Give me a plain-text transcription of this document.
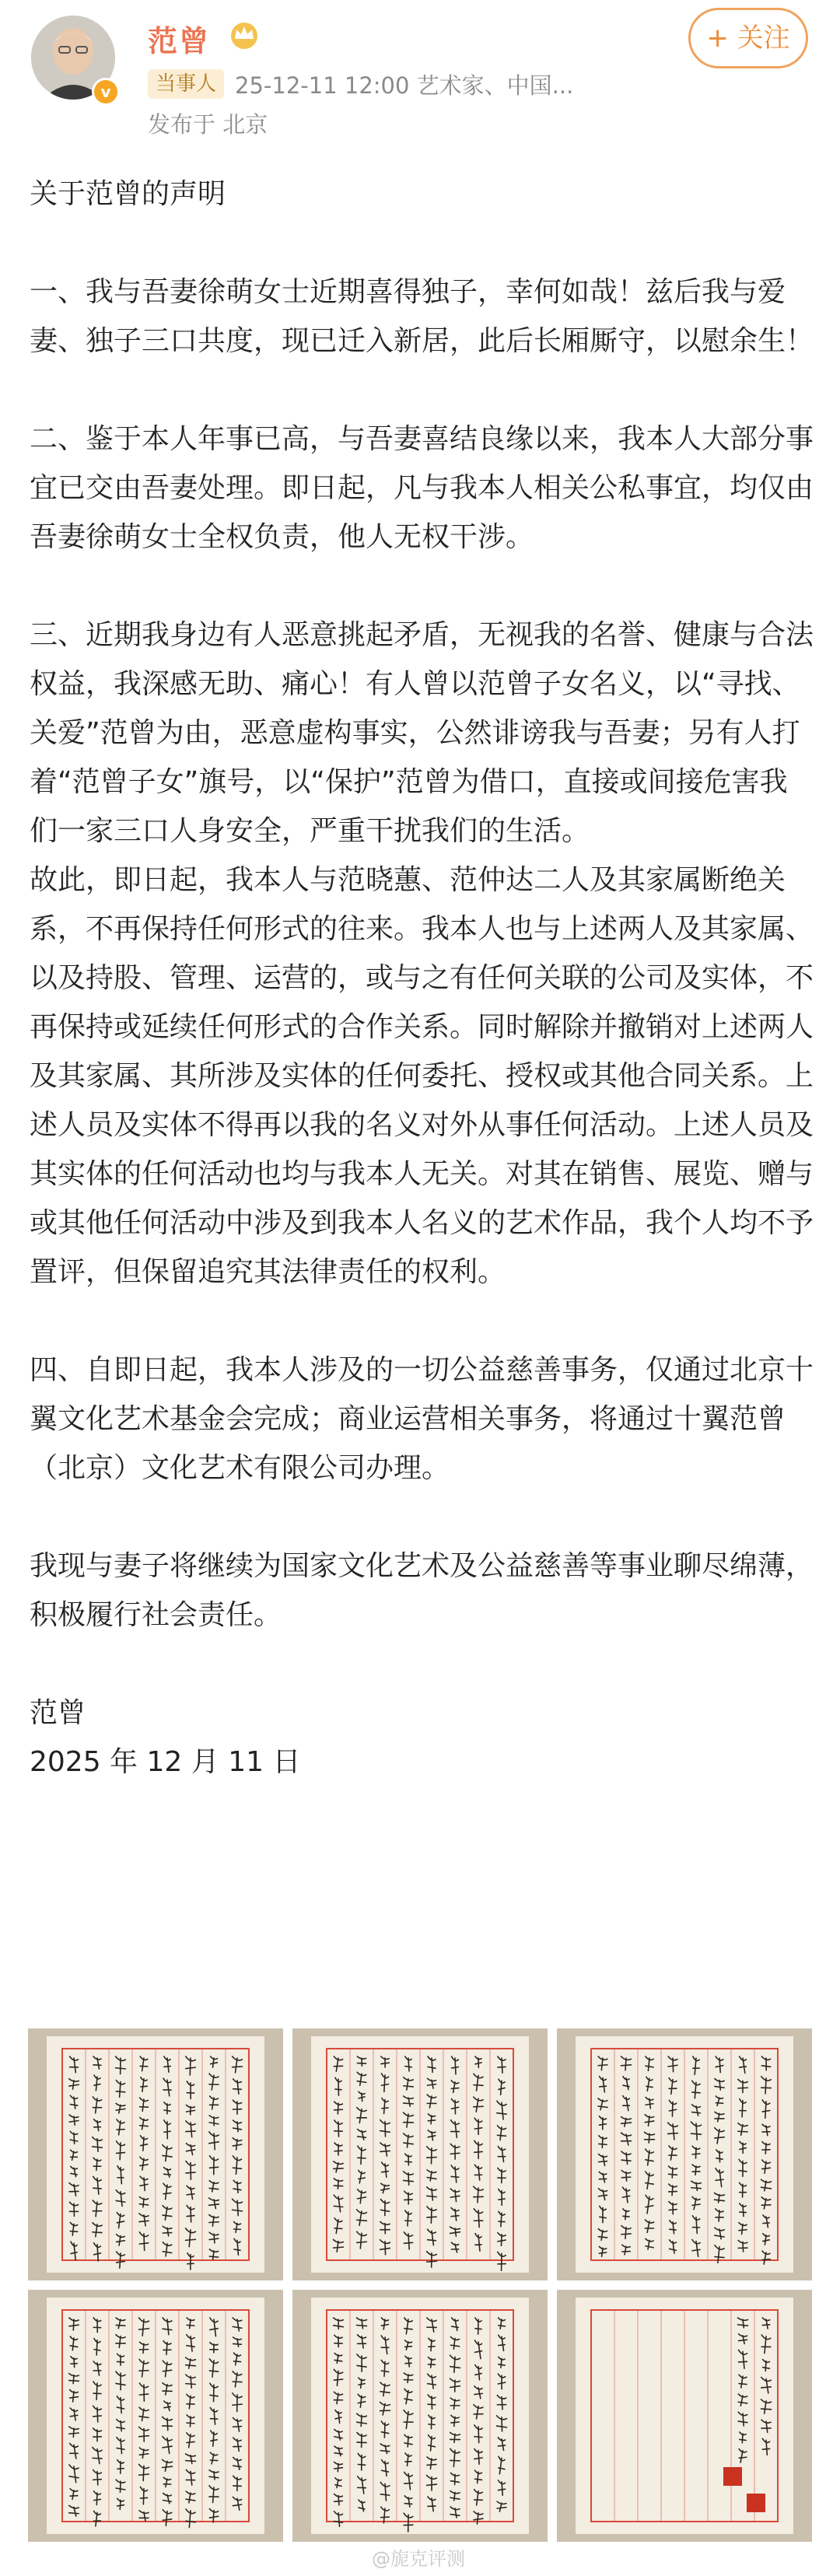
v
范曾
当事人 25-12-11 12:00 艺术家、中国...
发布于 北京
+ 关注

关于范曾的声明

一、我与吾妻徐萌女士近期喜得独子，幸何如哉！兹后我与爱妻、独子三口共度，现已迁入新居，此后长厢厮守，以慰余生！

二、鉴于本人年事已高，与吾妻喜结良缘以来，我本人大部分事宜已交由吾妻处理。即日起，凡与我本人相关公私事宜，均仅由吾妻徐萌女士全权负责，他人无权干涉。

三、近期我身边有人恶意挑起矛盾，无视我的名誉、健康与合法权益，我深感无助、痛心！有人曾以范曾子女名义，以“寻找、关爱”范曾为由，恶意虚构事实，公然诽谤我与吾妻；另有人打着“范曾子女”旗号，以“保护”范曾为借口，直接或间接危害我们一家三口人身安全，严重干扰我们的生活。

故此，即日起，我本人与范晓蕙、范仲达二人及其家属断绝关系，不再保持任何形式的往来。我本人也与上述两人及其家属、以及持股、管理、运营的，或与之有任何关联的公司及实体，不再保持或延续任何形式的合作关系。同时解除并撤销对上述两人及其家属、其所涉及实体的任何委托、授权或其他合同关系。上述人员及实体不得再以我的名义对外从事任何活动。上述人员及其实体的任何活动也均与我本人无关。对其在销售、展览、赠与或其他任何活动中涉及到我本人名义的艺术作品，我个人均不予置评，但保留追究其法律责任的权利。

四、自即日起，我本人涉及的一切公益慈善事务，仅通过北京十翼文化艺术基金会完成；商业运营相关事务，将通过十翼范曾（北京）文化艺术有限公司办理。

我现与妻子将继续为国家文化艺术及公益慈善等事业聊尽绵薄，积极履行社会责任。

范曾

2025 年 12 月 11 日

@旎克评测
